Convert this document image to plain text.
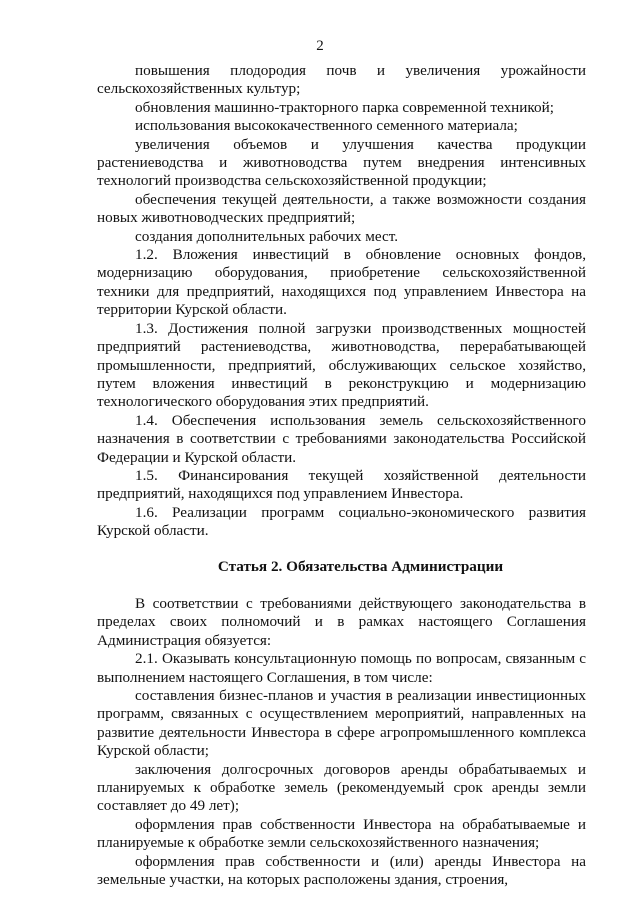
2

повышения плодородия почв и увеличения урожайности сельскохозяйственных культур;

обновления машинно-тракторного парка современной техникой;

использования высококачественного семенного материала;

увеличения объемов и улучшения качества продукции растениеводства и животноводства путем внедрения интенсивных технологий производства сельскохозяйственной продукции;

обеспечения текущей деятельности, а также возможности создания новых животноводческих предприятий;

создания дополнительных рабочих мест.

1.2. Вложения инвестиций в обновление основных фондов, модернизацию оборудования, приобретение сельскохозяйственной техники для предприятий, находящихся под управлением Инвестора на территории Курской области.

1.3. Достижения полной загрузки производственных мощностей предприятий растениеводства, животноводства, перерабатывающей промышленности, предприятий, обслуживающих сельское хозяйство, путем вложения инвестиций в реконструкцию и модернизацию технологического оборудования этих предприятий.

1.4. Обеспечения использования земель сельскохозяйственного назначения в соответствии с требованиями законодательства Российской Федерации и Курской области.

1.5. Финансирования текущей хозяйственной деятельности предприятий, находящихся под управлением Инвестора.

1.6. Реализации программ социально-экономического развития Курской области.

Статья 2. Обязательства Администрации

В соответствии с требованиями действующего законодательства в пределах своих полномочий и в рамках настоящего Соглашения Администрация обязуется:

2.1. Оказывать консультационную помощь по вопросам, связанным с выполнением настоящего Соглашения, в том числе:

составления бизнес-планов и участия в реализации инвестиционных программ, связанных с осуществлением мероприятий, направленных на развитие деятельности Инвестора в сфере агропромышленного комплекса Курской области;

заключения долгосрочных договоров аренды обрабатываемых и планируемых к обработке земель (рекомендуемый срок аренды земли составляет до 49 лет);

оформления прав собственности Инвестора на обрабатываемые и планируемые к обработке земли сельскохозяйственного назначения;

оформления прав собственности и (или) аренды Инвестора на земельные участки, на которых расположены здания, строения,
